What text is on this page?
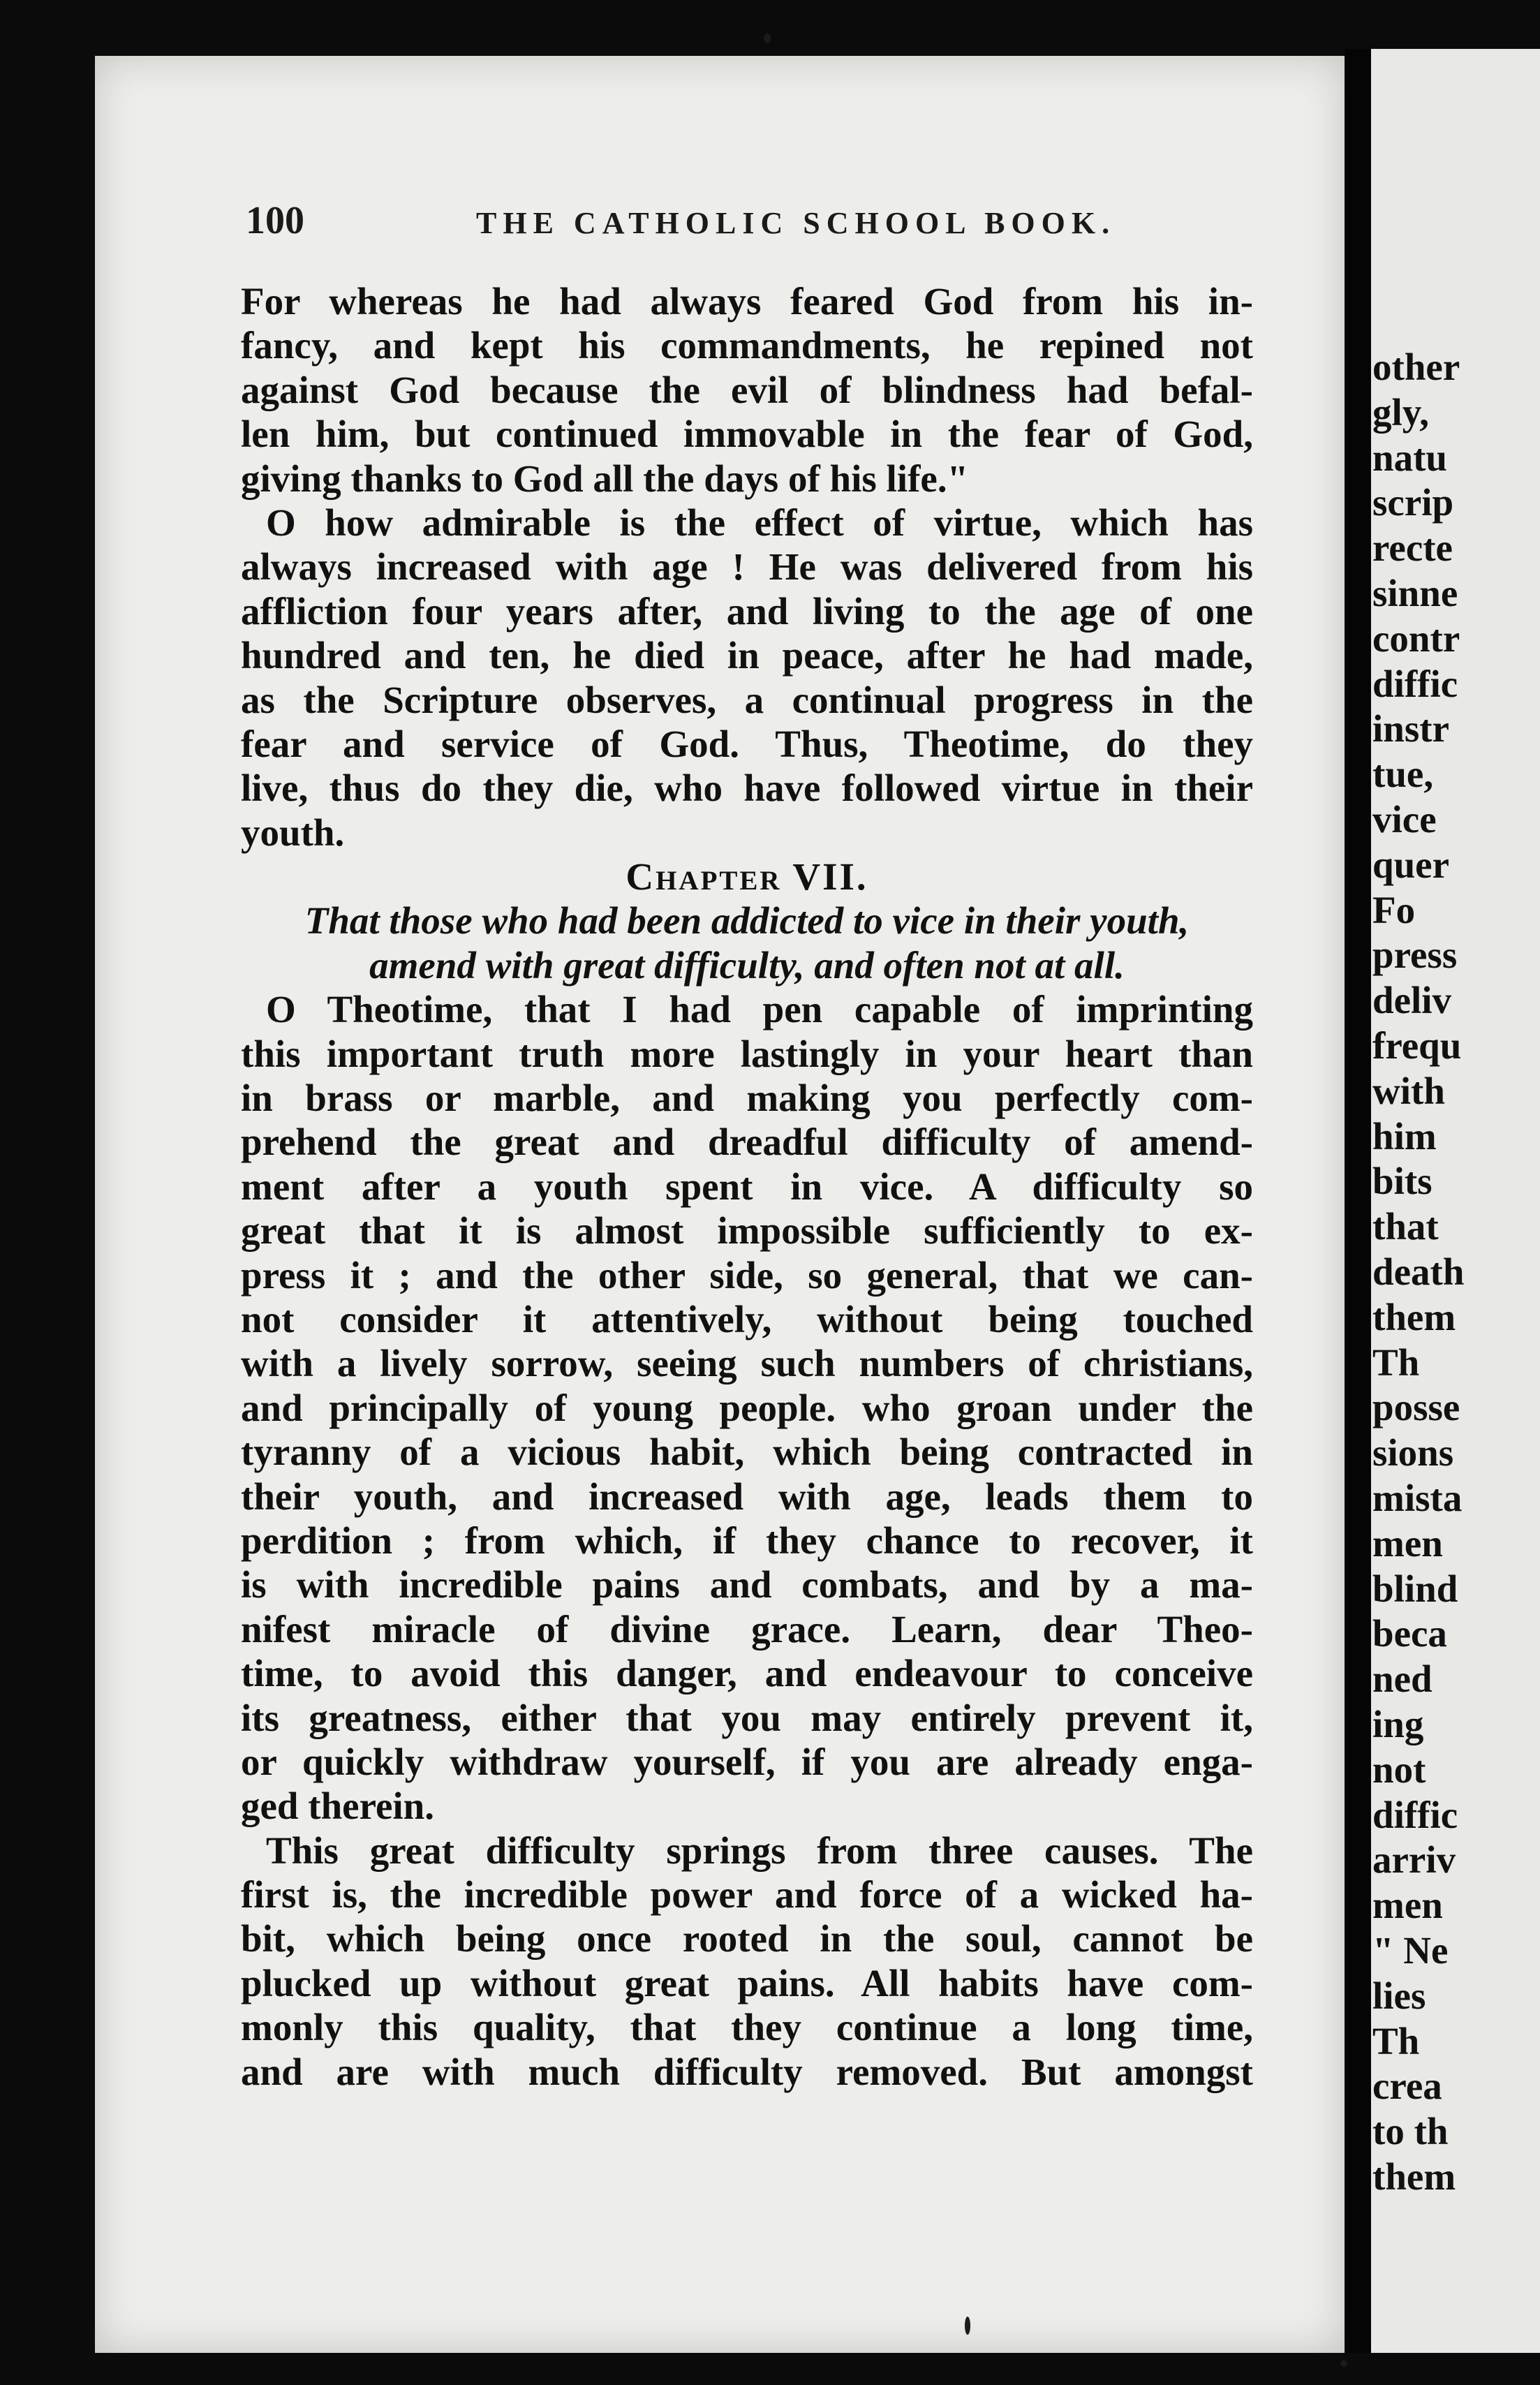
100	THE CATHOLIC SCHOOL BOOK.
For whereas he had always feared God from his in-
fancy, and kept his commandments, he repined not
against God because the evil of blindness had befal-
len him, but continued immovable in the fear of God,
giving thanks to God all the days of his life."
O how admirable is the effect of virtue, which has
always increased with age ! He was delivered from his
affliction four years after, and living to the age of one
hundred and ten, he died in peace, after he had made,
as the Scripture observes, a continual progress in the
fear and service of God. Thus, Theotime, do they
live, thus do they die, who have followed virtue in their
youth.
Chapter VII.
That those who had been addicted to vice in their youth,
amend with great difficulty, and often not at all.
O Theotime, that I had pen capable of imprinting
this important truth more lastingly in your heart than
in brass or marble, and making you perfectly com-
prehend the great and dreadful difficulty of amend-
ment after a youth spent in vice. A difficulty so
great that it is almost impossible sufficiently to ex-
press it ; and the other side, so general, that we can-
not consider it attentively, without being touched
with a lively sorrow, seeing such numbers of christians,
and principally of young people. who groan under the
tyranny of a vicious habit, which being contracted in
their youth, and increased with age, leads them to
perdition ; from which, if they chance to recover, it
is with incredible pains and combats, and by a ma-
nifest miracle of divine grace. Learn, dear Theo-
time, to avoid this danger, and endeavour to conceive
its greatness, either that you may entirely prevent it,
or quickly withdraw yourself, if you are already enga-
ged therein.
This great difficulty springs from three causes. The
first is, the incredible power and force of a wicked ha-
bit, which being once rooted in the soul, cannot be
plucked up without great pains. All habits have com-
monly this quality, that they continue a long time,
and are with much difficulty removed. But amongst
other
gly,
natu
scrip
recte
sinne
contr
diffic
instr
tue,
vice
quer
Fo
press
deliv
frequ
with
him
bits
that
death
them
Th
posse
sions
mista
men
blind
beca
ned
ing
not
diffic
arriv
men
" Ne
lies
Th
crea
to th
them
